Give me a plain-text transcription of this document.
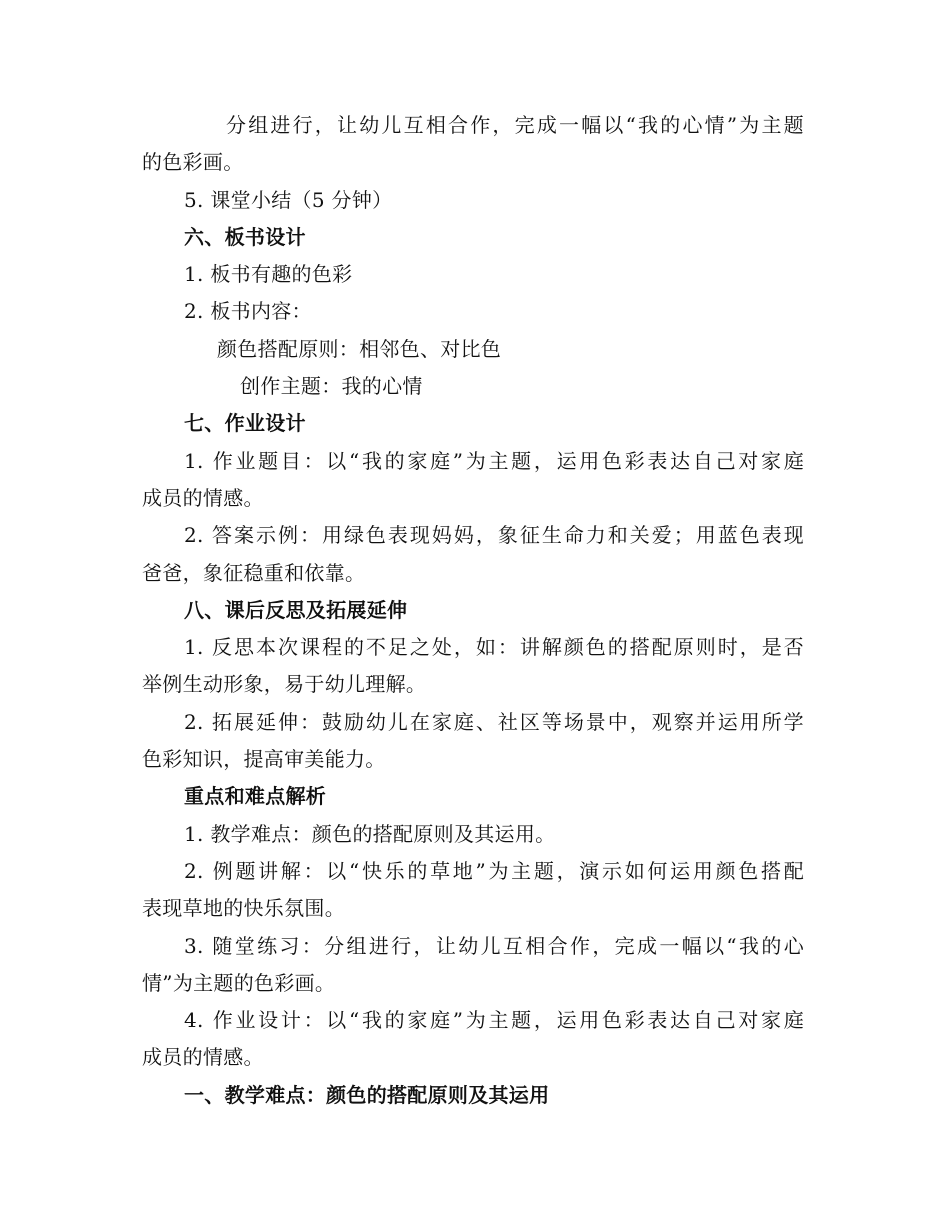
分组进行，让幼儿互相合作，完成一幅以“我的心情”为主题
的色彩画。
5. 课堂小结（5 分钟）
六、板书设计
1. 板书有趣的色彩
2. 板书内容：
颜色搭配原则：相邻色、对比色
创作主题：我的心情
七、作业设计
1. 作业题目：以“我的家庭”为主题，运用色彩表达自己对家庭
成员的情感。
2. 答案示例：用绿色表现妈妈，象征生命力和关爱；用蓝色表现
爸爸，象征稳重和依靠。
八、课后反思及拓展延伸
1. 反思本次课程的不足之处，如：讲解颜色的搭配原则时，是否
举例生动形象，易于幼儿理解。
2. 拓展延伸：鼓励幼儿在家庭、社区等场景中，观察并运用所学
色彩知识，提高审美能力。
重点和难点解析
1. 教学难点：颜色的搭配原则及其运用。
2. 例题讲解：以“快乐的草地”为主题，演示如何运用颜色搭配
表现草地的快乐氛围。
3. 随堂练习：分组进行，让幼儿互相合作，完成一幅以“我的心
情”为主题的色彩画。
4. 作业设计：以“我的家庭”为主题，运用色彩表达自己对家庭
成员的情感。
一、教学难点：颜色的搭配原则及其运用
